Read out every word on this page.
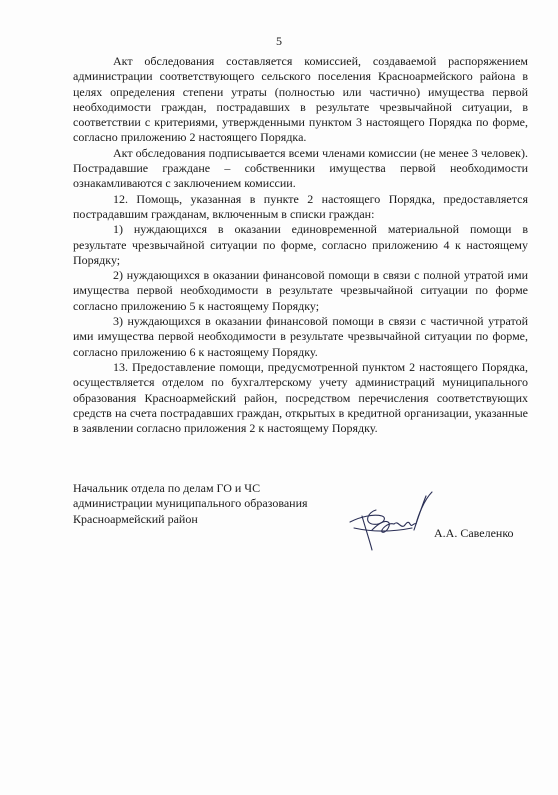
5

Акт обследования составляется комиссией, создаваемой распоряжением администрации соответствующего сельского поселения Красноармейского района в целях определения степени утраты (полностью или частично) имущества первой необходимости граждан, пострадавших в результате чрезвычайной ситуации, в соответствии с критериями, утвержденными пунктом 3 настоящего Порядка по форме, согласно приложению 2 настоящего Порядка.

Акт обследования подписывается всеми членами комиссии (не менее 3 человек). Пострадавшие граждане – собственники имущества первой необходимости ознакамливаются с заключением комиссии.

12. Помощь, указанная в пункте 2 настоящего Порядка, предоставляется пострадавшим гражданам, включенным в списки граждан:

1) нуждающихся в оказании единовременной материальной помощи в результате чрезвычайной ситуации по форме, согласно приложению 4 к настоящему Порядку;

2) нуждающихся в оказании финансовой помощи в связи с полной утратой ими имущества первой необходимости в результате чрезвычайной ситуации по форме согласно приложению 5 к настоящему Порядку;

3) нуждающихся в оказании финансовой помощи в связи с частичной утратой ими имущества первой необходимости в результате чрезвычайной ситуации по форме, согласно приложению 6 к настоящему Порядку.

13. Предоставление помощи, предусмотренной пунктом 2 настоящего Порядка, осуществляется отделом по бухгалтерскому учету администраций муниципального образования Красноармейский район, посредством перечисления соответствующих средств на счета пострадавших граждан, открытых в кредитной организации, указанные в заявлении согласно приложения 2 к настоящему Порядку.

Начальник отдела по делам ГО и ЧС
администрации муниципального образования
Красноармейский район
А.А. Савеленко
